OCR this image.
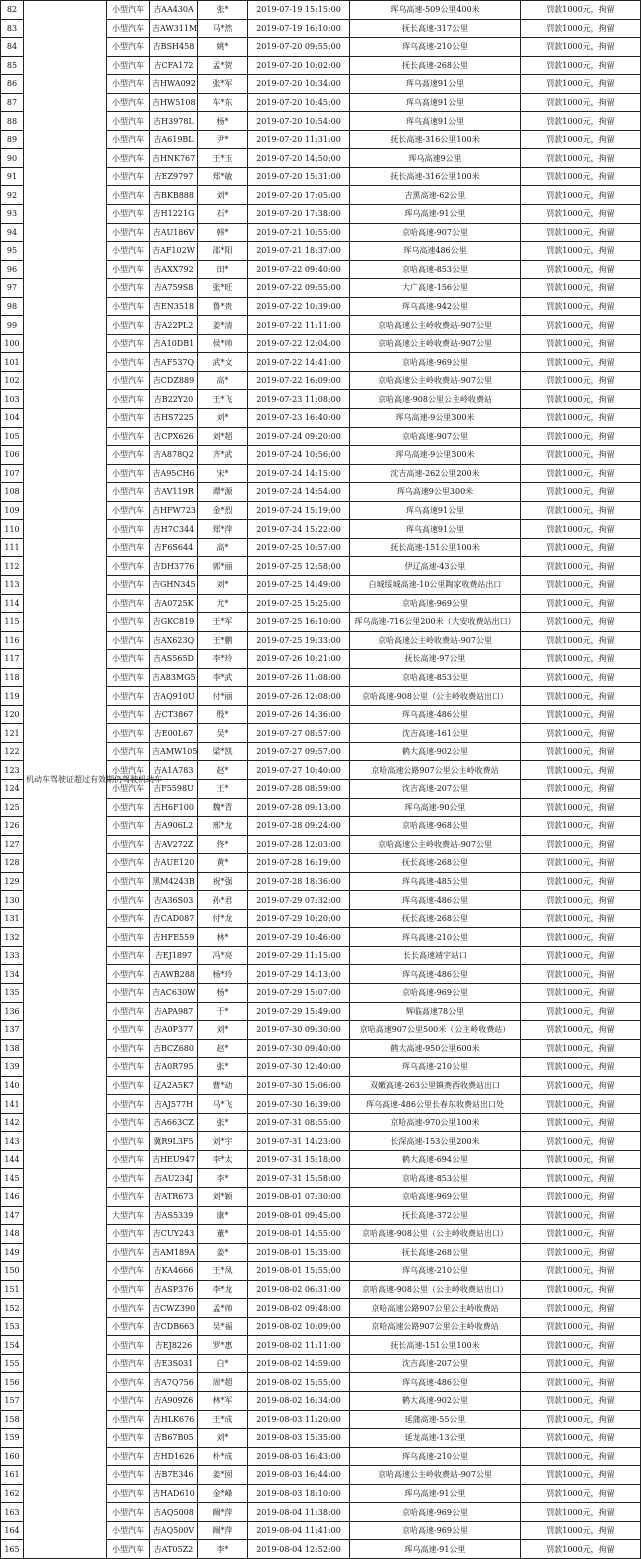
82	机动车驾驶证超过有效期仍驾驶机动车	小型汽车	吉AA430A	张*	2019-07-19 15:15:00	珲乌高速-509公里400米	罚款1000元，拘留
83		小型汽车	吉AW311M	马*然	2019-07-19 16:10:00	抚长高速-317公里	罚款1000元，拘留
84		小型汽车	吉BSH458	姚*	2019-07-20 09:55:00	珲乌高速-210公里	罚款1000元，拘留
85		小型汽车	吉CFA172	孟*贺	2019-07-20 10:02:00	抚长高速-268公里	罚款1000元，拘留
86		小型汽车	吉HWA092	张*军	2019-07-20 10:34:00	珲乌高速91公里	罚款1000元，拘留
87		小型汽车	吉HW5108	车*东	2019-07-20 10:45:00	珲乌高速91公里	罚款1000元，拘留
88		小型汽车	吉H3978L	杨*	2019-07-20 10:54:00	珲乌高速91公里	罚款1000元，拘留
89		小型汽车	吉A619BL	尹*	2019-07-20 11:31:00	抚长高速-316公里100米	罚款1000元，拘留
90		小型汽车	吉HNK767	王*玉	2019-07-20 14:50:00	珲乌高速9公里	罚款1000元，拘留
91		小型汽车	吉EZ9797	郑*敏	2019-07-20 15:31:00	抚长高速-316公里100米	罚款1000元，拘留
92		小型汽车	吉BKB888	刘*	2019-07-20 17:05:00	吉黑高速-62公里	罚款1000元，拘留
93		小型汽车	吉H1221G	石*	2019-07-20 17:38:00	珲乌高速-91公里	罚款1000元，拘留
94		小型汽车	吉AU186V	韩*	2019-07-21 10:55:00	京哈高速-907公里	罚款1000元，拘留
95		小型汽车	吉AF102W	邵*阳	2019-07-21 18:37:00	珲乌高速486公里	罚款1000元，拘留
96		小型汽车	吉AXX792	田*	2019-07-22 09:40:00	京哈高速-853公里	罚款1000元，拘留
97		小型汽车	吉A759S8	张*旺	2019-07-22 09:55:00	大广高速-156公里	罚款1000元，拘留
98		小型汽车	吉EN3518	鲁*贵	2019-07-22 10:39:00	珲乌高速-942公里	罚款1000元，拘留
99		小型汽车	吉A22PL2	姜*清	2019-07-22 11:11:00	京哈高速公主岭收费站-907公里	罚款1000元，拘留
100		小型汽车	吉A10DB1	侯*帅	2019-07-22 12:04:00	京哈高速公主岭收费站-907公里	罚款1000元，拘留
101		小型汽车	吉AF537Q	武*文	2019-07-22 14:41:00	京哈高速-969公里	罚款1000元，拘留
102		小型汽车	吉CDZ889	高*	2019-07-22 16:09:00	京哈高速公主岭收费站-907公里	罚款1000元，拘留
103		小型汽车	吉B22Y20	王*飞	2019-07-23 11:08:00	京哈高速-908公里公主岭收费站	罚款1000元，拘留
104		小型汽车	吉HS7225	刘*	2019-07-23 16:40:00	珲乌高速-9公里300米	罚款1000元，拘留
105		小型汽车	吉CPX626	刘*超	2019-07-24 09:20:00	京哈高速-907公里	罚款1000元，拘留
106		小型汽车	吉A878Q2	齐*武	2019-07-24 10:56:00	珲乌高速-9公里300米	罚款1000元，拘留
107		小型汽车	吉A95CH6	宋*	2019-07-24 14:15:00	沈吉高速-262公里200米	罚款1000元，拘留
108		小型汽车	吉AV119R	谭*源	2019-07-24 14:54:00	珲乌高速9公里300米	罚款1000元，拘留
109		小型汽车	吉HFW723	金*烈	2019-07-24 15:19:00	珲乌高速91公里	罚款1000元，拘留
110		小型汽车	吉H7C344	郑*萍	2019-07-24 15:22:00	珲乌高速91公里	罚款1000元，拘留
111		小型汽车	吉F6S644	高*	2019-07-25 10:57:00	抚长高速-151公里100米	罚款1000元，拘留
112		小型汽车	吉DH3776	郭*丽	2019-07-25 12:58:00	伊辽高速-43公里	罚款1000元，拘留
113		小型汽车	吉GHN345	刘*	2019-07-25 14:49:00	白城绥城高速-10公里陶家收费站出口	罚款1000元，拘留
114		小型汽车	吉A0725K	尤*	2019-07-25 15:25:00	京哈高速-969公里	罚款1000元，拘留
115		小型汽车	吉GKC819	王*军	2019-07-25 16:10:00	珲乌高速-716公里200米（大安收费站出口）	罚款1000元，拘留
116		小型汽车	吉AX623Q	王*鹏	2019-07-25 19:33:00	京哈高速公主岭收费站-907公里	罚款1000元，拘留
117		小型汽车	吉AS565D	李*玲	2019-07-26 10:21:00	抚长高速-97公里	罚款1000元，拘留
118		小型汽车	吉A83MG5	李*武	2019-07-26 11:08:00	京哈高速-853公里	罚款1000元，拘留
119		小型汽车	吉AQ910U	付*丽	2019-07-26 12:08:00	京哈高速-908公里（公主岭收费站出口）	罚款1000元，拘留
120		小型汽车	吉CT3867	殷*	2019-07-26 14:36:00	珲乌高速-486公里	罚款1000元，拘留
121		小型汽车	吉E00L67	吴*	2019-07-27 08:57:00	沈吉高速-161公里	罚款1000元，拘留
122		小型汽车	吉AMW105	梁*凯	2019-07-27 09:57:00	鹤大高速-902公里	罚款1000元，拘留
123		小型汽车	吉A1A783	赵*	2019-07-27 10:40:00	京哈高速公路907公里公主岭收费站	罚款1000元，拘留
124		小型汽车	吉F5598U	王*	2019-07-28 08:59:00	沈吉高速-207公里	罚款1000元，拘留
125		小型汽车	吉H6F100	魏*青	2019-07-28 09:13:00	珲乌高速-90公里	罚款1000元，拘留
126		小型汽车	吉A906L2	邢*龙	2019-07-28 09:24:00	京哈高速-968公里	罚款1000元，拘留
127		小型汽车	吉AV272Z	佟*	2019-07-28 12:03:00	京哈高速公主岭收费站-907公里	罚款1000元，拘留
128		小型汽车	吉AUE120	黄*	2019-07-28 16:19:00	抚长高速-268公里	罚款1000元，拘留
129		小型汽车	黑M4243B	祝*强	2019-07-28 18:36:00	珲乌高速-485公里	罚款1000元，拘留
130		小型汽车	吉A36S03	孙*君	2019-07-29 07:32:00	珲乌高速-486公里	罚款1000元，拘留
131		小型汽车	吉CAD087	付*龙	2019-07-29 10:20:00	抚长高速-268公里	罚款1000元，拘留
132		小型汽车	吉HFE559	林*	2019-07-29 10:46:00	珲乌高速-210公里	罚款1000元，拘留
133		小型汽车	吉EJ1897	冯*亮	2019-07-29 11:15:00	长长高速靖宇站口	罚款1000元，拘留
134		小型汽车	吉AWB288	杨*玲	2019-07-29 14:13:00	珲乌高速-486公里	罚款1000元，拘留
135		小型汽车	吉AC630W	杨*	2019-07-29 15:07:00	京哈高速-969公里	罚款1000元，拘留
136		小型汽车	吉APA987	于*	2019-07-29 15:49:00	辉临高速78公里	罚款1000元，拘留
137		小型汽车	吉A0P377	刘*	2019-07-30 09:30:00	京哈高速907公里500米（公主岭收费站）	罚款1000元，拘留
138		小型汽车	吉BCZ680	赵*	2019-07-30 09:40:00	鹤大高速-950公里600米	罚款1000元，拘留
139		小型汽车	吉A0R795	张*	2019-07-30 12:40:00	珲乌高速-210公里	罚款1000元，拘留
140		小型汽车	辽A2A5K7	曹*动	2019-07-30 15:06:00	双嫩高速-263公里镇赉西收费站出口	罚款1000元，拘留
141		小型汽车	吉AJ577H	马*飞	2019-07-30 16:39:00	珲乌高速-486公里长春东收费站出口处	罚款1000元，拘留
142		小型汽车	吉A663CZ	张*	2019-07-31 08:55:00	京哈高速-970公里100米	罚款1000元，拘留
143		小型汽车	冀R9L3F5	刘*宇	2019-07-31 14:23:00	长深高速-153公里200米	罚款1000元，拘留
144		小型汽车	吉HEU947	李*太	2019-07-31 15:18:00	鹤大高速-694公里	罚款1000元，拘留
145		小型汽车	吉AU234J	李*	2019-07-31 15:58:00	京哈高速-853公里	罚款1000元，拘留
146		小型汽车	吉ATR673	刘*颖	2019-08-01 07:30:00	京哈高速-969公里	罚款1000元，拘留
147		大型汽车	吉AS5339	康*	2019-08-01 09:45:00	抚长高速-372公里	罚款1000元，拘留
148		小型汽车	吉CUY243	董*	2019-08-01 14:55:00	京哈高速-908公里（公主岭收费站出口）	罚款1000元，拘留
149		小型汽车	吉AM189A	姜*	2019-08-01 15:35:00	抚长高速-268公里	罚款1000元，拘留
150		小型汽车	吉KA4666	王*凤	2019-08-01 15:55:00	珲乌高速-210公里	罚款1000元，拘留
151		小型汽车	吉ASP376	李*龙	2019-08-02 06:31:00	京哈高速-908公里（公主岭收费站出口）	罚款1000元，拘留
152		小型汽车	吉CWZ390	孟*帅	2019-08-02 09:48:00	京哈高速公路907公里公主岭收费站	罚款1000元，拘留
153		小型汽车	吉CDB663	吴*福	2019-08-02 10:09:00	京哈高速公路907公里公主岭收费站	罚款1000元，拘留
154		小型汽车	吉EJ8226	罗*惠	2019-08-02 11:11:00	抚长高速-151公里100米	罚款1000元，拘留
155		小型汽车	吉E3S031	白*	2019-08-02 14:59:00	沈吉高速-207公里	罚款1000元，拘留
156		小型汽车	吉A7Q756	周*超	2019-08-02 15:55:00	珲乌高速-486公里	罚款1000元，拘留
157		小型汽车	吉A909Z6	林*军	2019-08-02 16:34:00	鹤大高速-902公里	罚款1000元，拘留
158		小型汽车	吉HLK676	王*成	2019-08-03 11:20:00	延蒲高速-55公里	罚款1000元，拘留
159		小型汽车	吉B67B05	刘*	2019-08-03 15:35:00	延龙高速-13公里	罚款1000元，拘留
160		小型汽车	吉HD1626	朴*成	2019-08-03 16:43:00	珲乌高速-210公里	罚款1000元，拘留
161		小型汽车	吉B7E346	姜*囡	2019-08-03 16:44:00	京哈高速公主岭收费站-907公里	罚款1000元，拘留
162		小型汽车	吉HAD610	金*峰	2019-08-03 18:10:00	珲乌高速-91公里	罚款1000元，拘留
163		小型汽车	吉AQ5008	阚*萍	2019-08-04 11:38:00	京哈高速-969公里	罚款1000元，拘留
164		小型汽车	吉AQ500V	阚*萍	2019-08-04 11:41:00	京哈高速-969公里	罚款1000元，拘留
165		小型汽车	吉AT05Z2	李*	2019-08-04 12:52:00	珲乌高速-91公里	罚款1000元，拘留
